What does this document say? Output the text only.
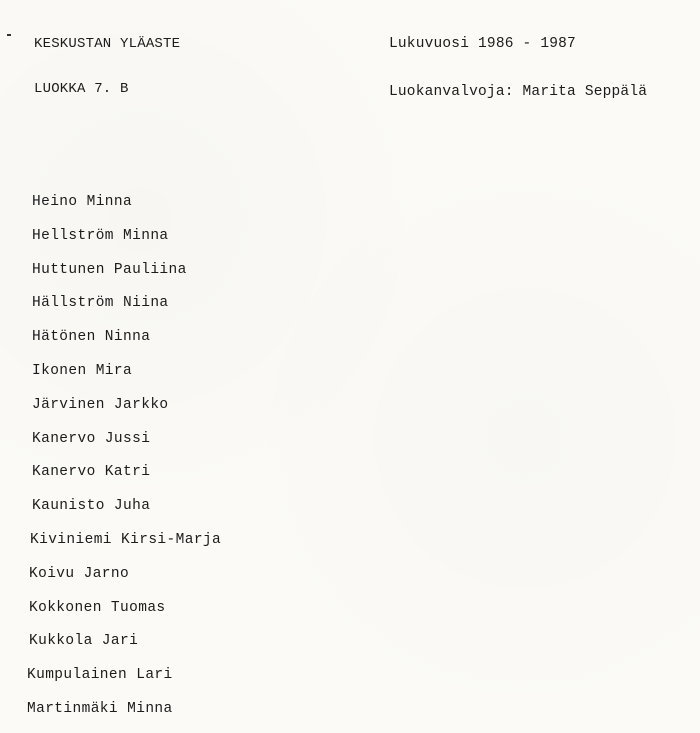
KESKUSTAN YLÄASTE	Lukuvuosi 1986 - 1987
LUOKKA 7. B	Luokanvalvoja: Marita Seppälä
Heino Minna
Hellström Minna
Huttunen Pauliina
Hällström Niina
Hätönen Ninna
Ikonen Mira
Järvinen Jarkko
Kanervo Jussi
Kanervo Katri
Kaunisto Juha
Kiviniemi Kirsi-Marja
Koivu Jarno
Kokkonen Tuomas
Kukkola Jari
Kumpulainen Lari
Martinmäki Minna
